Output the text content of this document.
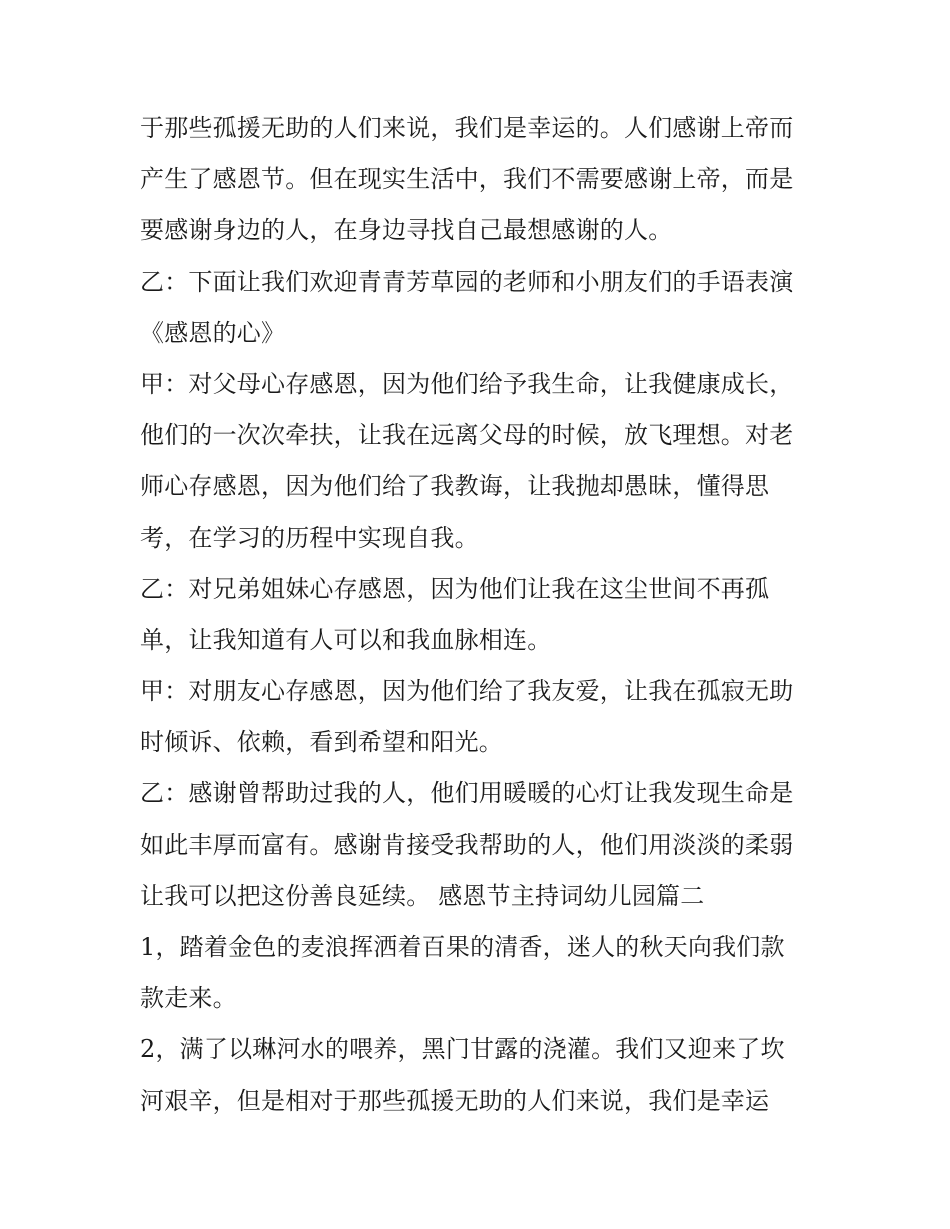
于那些孤援无助的人们来说，我们是幸运的。人们感谢上帝而
产生了感恩节。但在现实生活中，我们不需要感谢上帝，而是
要感谢身边的人，在身边寻找自己最想感谢的人。
乙：下面让我们欢迎青青芳草园的老师和小朋友们的手语表演
《感恩的心》
甲：对父母心存感恩，因为他们给予我生命，让我健康成长，
他们的一次次牵扶，让我在远离父母的时候，放飞理想。对老
师心存感恩，因为他们给了我教诲，让我抛却愚昧，懂得思
考，在学习的历程中实现自我。
乙：对兄弟姐妹心存感恩，因为他们让我在这尘世间不再孤
单，让我知道有人可以和我血脉相连。
甲：对朋友心存感恩，因为他们给了我友爱，让我在孤寂无助
时倾诉、依赖，看到希望和阳光。
乙：感谢曾帮助过我的人，他们用暖暖的心灯让我发现生命是
如此丰厚而富有。感谢肯接受我帮助的人，他们用淡淡的柔弱
让我可以把这份善良延续。 感恩节主持词幼儿园篇二
1，踏着金色的麦浪挥洒着百果的清香，迷人的秋天向我们款
款走来。
2，满了以琳河水的喂养，黑门甘露的浇灌。我们又迎来了坎
河艰辛，但是相对于那些孤援无助的人们来说，我们是幸运
